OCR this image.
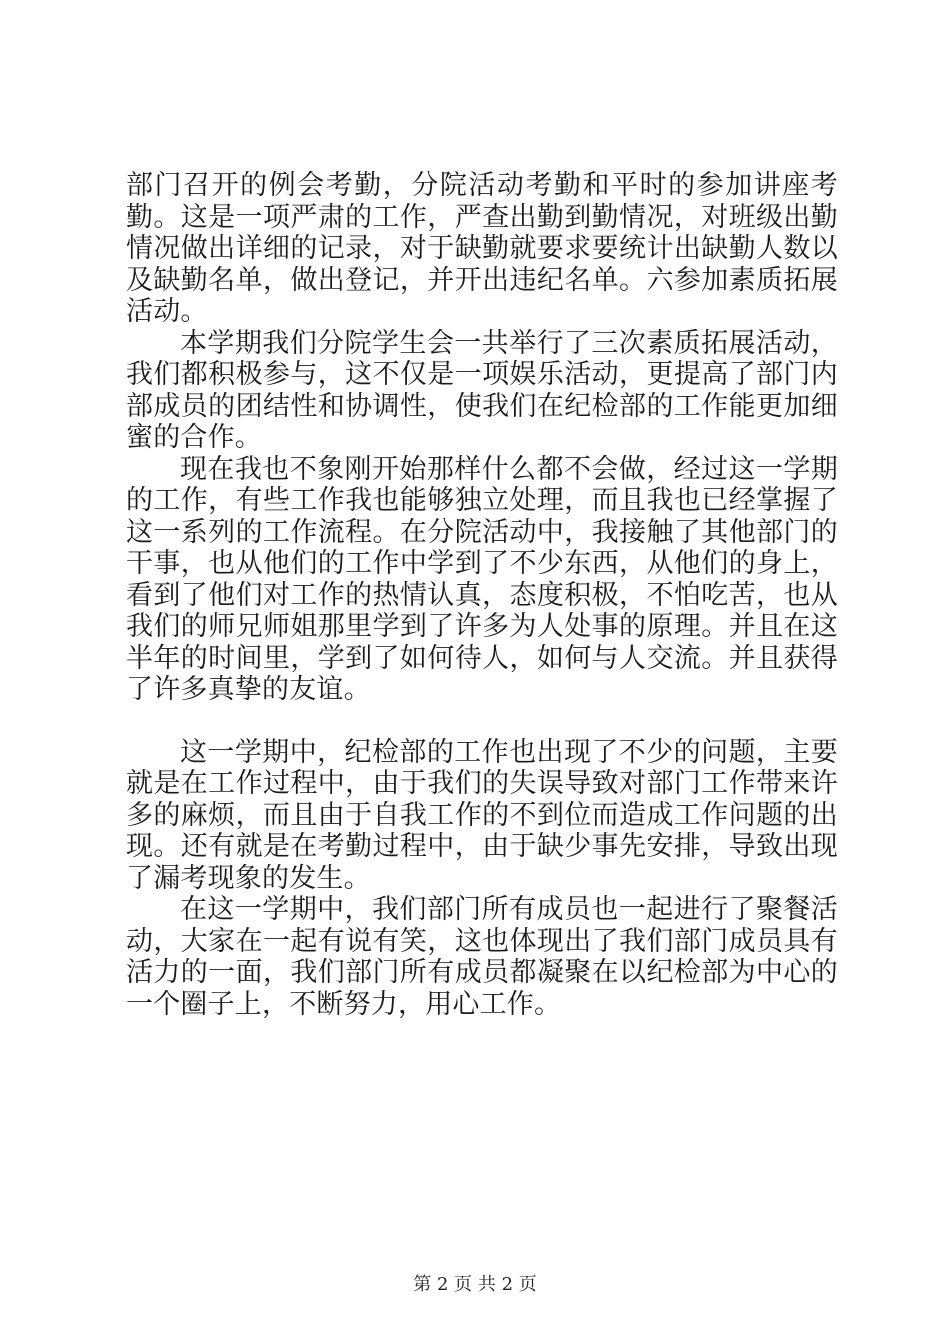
部门召开的例会考勤，分院活动考勤和平时的参加讲座考勤。这是一项严肃的工作，严查出勤到勤情况，对班级出勤情况做出详细的记录，对于缺勤就要求要统计出缺勤人数以及缺勤名单，做出登记，并开出违纪名单。六参加素质拓展活动。

本学期我们分院学生会一共举行了三次素质拓展活动，我们都积极参与，这不仅是一项娱乐活动，更提高了部门内部成员的团结性和协调性，使我们在纪检部的工作能更加细蜜的合作。

现在我也不象刚开始那样什么都不会做，经过这一学期的工作，有些工作我也能够独立处理，而且我也已经掌握了这一系列的工作流程。在分院活动中，我接触了其他部门的干事，也从他们的工作中学到了不少东西，从他们的身上，看到了他们对工作的热情认真，态度积极，不怕吃苦，也从我们的师兄师姐那里学到了许多为人处事的原理。并且在这半年的时间里，学到了如何待人，如何与人交流。并且获得了许多真挚的友谊。

这一学期中，纪检部的工作也出现了不少的问题，主要就是在工作过程中，由于我们的失误导致对部门工作带来许多的麻烦，而且由于自我工作的不到位而造成工作问题的出现。还有就是在考勤过程中，由于缺少事先安排，导致出现了漏考现象的发生。

在这一学期中，我们部门所有成员也一起进行了聚餐活动，大家在一起有说有笑，这也体现出了我们部门成员具有活力的一面，我们部门所有成员都凝聚在以纪检部为中心的一个圈子上，不断努力，用心工作。

第 2 页 共 2 页
